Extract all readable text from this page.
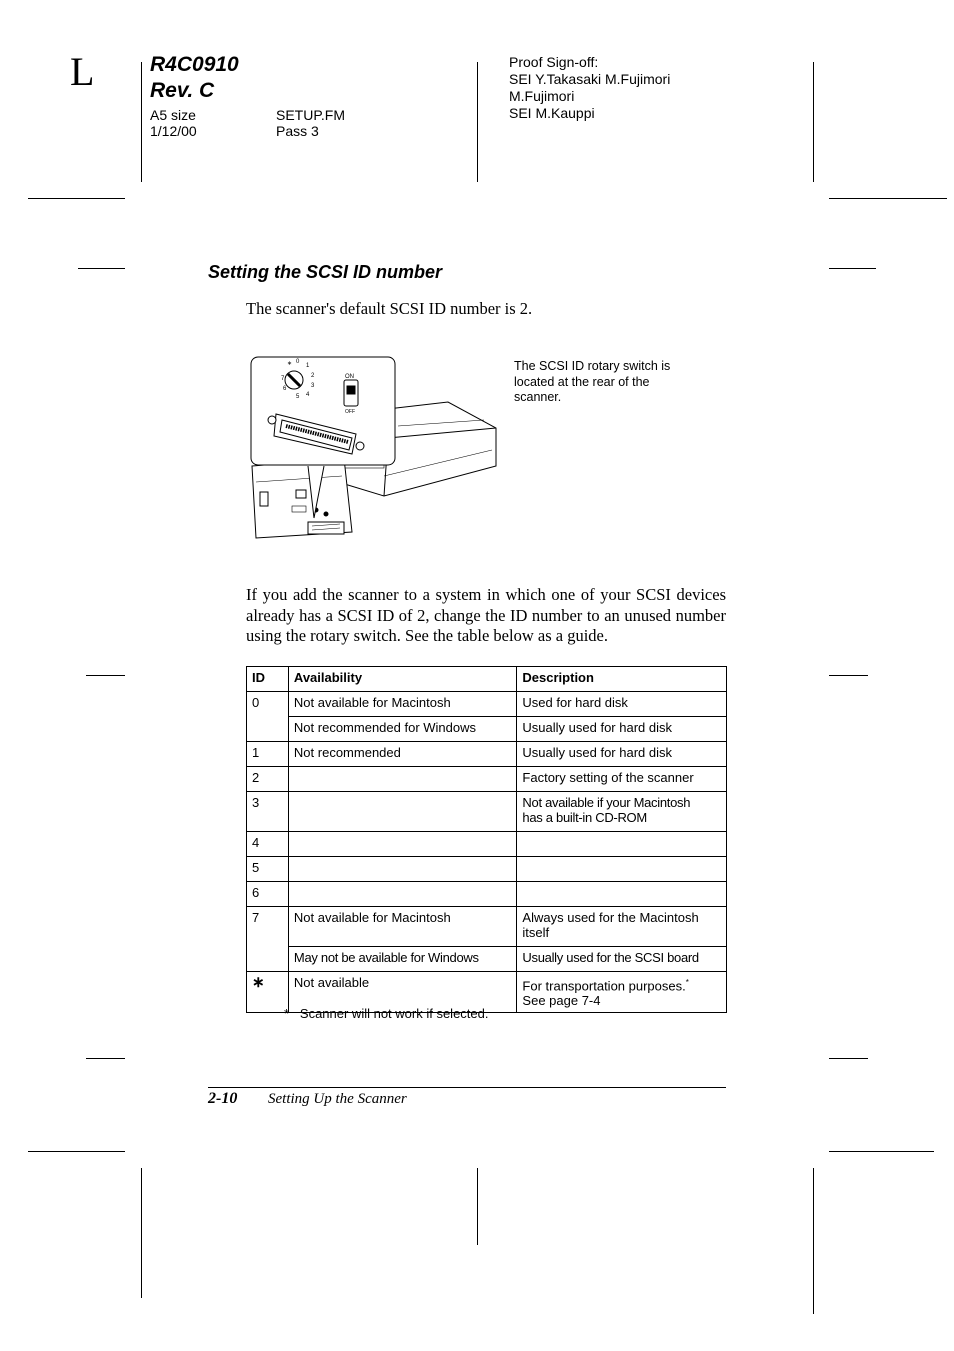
L	R4C0910
Rev. C
A5 size
1/12/00
SETUP.FM
Pass 3
Proof Sign-off:
SEI Y.Takasaki M.Fujimori
M.Fujimori
SEI M.Kauppi
Setting the SCSI ID number
The scanner's default SCSI ID number is 2.
∗ 0
1
2
3
4
5
6
7	ON
OFF
The SCSI ID rotary switch is located at the rear of the scanner.
If you add the scanner to a system in which one of your SCSI devices already has a SCSI ID of 2, change the ID number to an unused number using the rotary switch. See the table below as a guide.
ID	Availability	Description
0	Not available for Macintosh	Used for hard disk
	Not recommended for Windows	Usually used for hard disk
1	Not recommended	Usually used for hard disk
2		Factory setting of the scanner
3		Not available if your Macintosh
has a built-in CD-ROM

4		
5		
6		
7	Not available for Macintosh	Always used for the Macintosh
itself

	May not be available for Windows	Usually used for the SCSI board
∗	Not available	For transportation purposes.*
See page 7-4
*   Scanner will not work if selected.
2-10 Setting Up the Scanner
